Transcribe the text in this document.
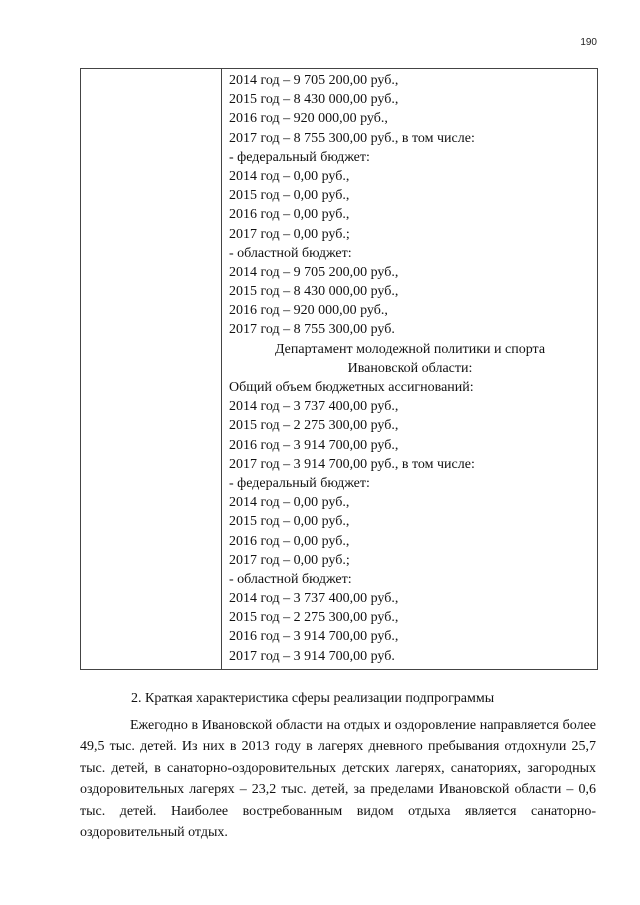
190
2014 год – 9 705 200,00 руб.,
2015 год – 8 430 000,00 руб.,
2016 год – 920 000,00 руб.,
2017 год – 8 755 300,00 руб., в том числе:
- федеральный бюджет:
2014 год – 0,00 руб.,
2015 год – 0,00 руб.,
2016 год – 0,00 руб.,
2017 год – 0,00 руб.;
- областной бюджет:
2014 год – 9 705 200,00 руб.,
2015 год – 8 430 000,00 руб.,
2016 год – 920 000,00 руб.,
2017 год – 8 755 300,00 руб.
Департамент молодежной политики и спорта
Ивановской области:
Общий объем бюджетных ассигнований:
2014 год – 3 737 400,00 руб.,
2015 год – 2 275 300,00 руб.,
2016 год – 3 914 700,00 руб.,
2017 год – 3 914 700,00 руб., в том числе:
- федеральный бюджет:
2014 год – 0,00 руб.,
2015 год – 0,00 руб.,
2016 год – 0,00 руб.,
2017 год – 0,00 руб.;
- областной бюджет:
2014 год – 3 737 400,00 руб.,
2015 год – 2 275 300,00 руб.,
2016 год – 3 914 700,00 руб.,
2017 год – 3 914 700,00 руб.
2. Краткая характеристика сферы реализации подпрограммы

Ежегодно в Ивановской области на отдых и оздоровление направляется более 49,5 тыс. детей. Из них в 2013 году в лагерях дневного пребывания отдохнули 25,7 тыс. детей, в санаторно-оздоровительных детских лагерях, санаториях, загородных оздоровительных лагерях – 23,2 тыс. детей, за пределами Ивановской области – 0,6 тыс. детей. Наиболее востребованным видом отдыха является санаторно-оздоровительный отдых.
